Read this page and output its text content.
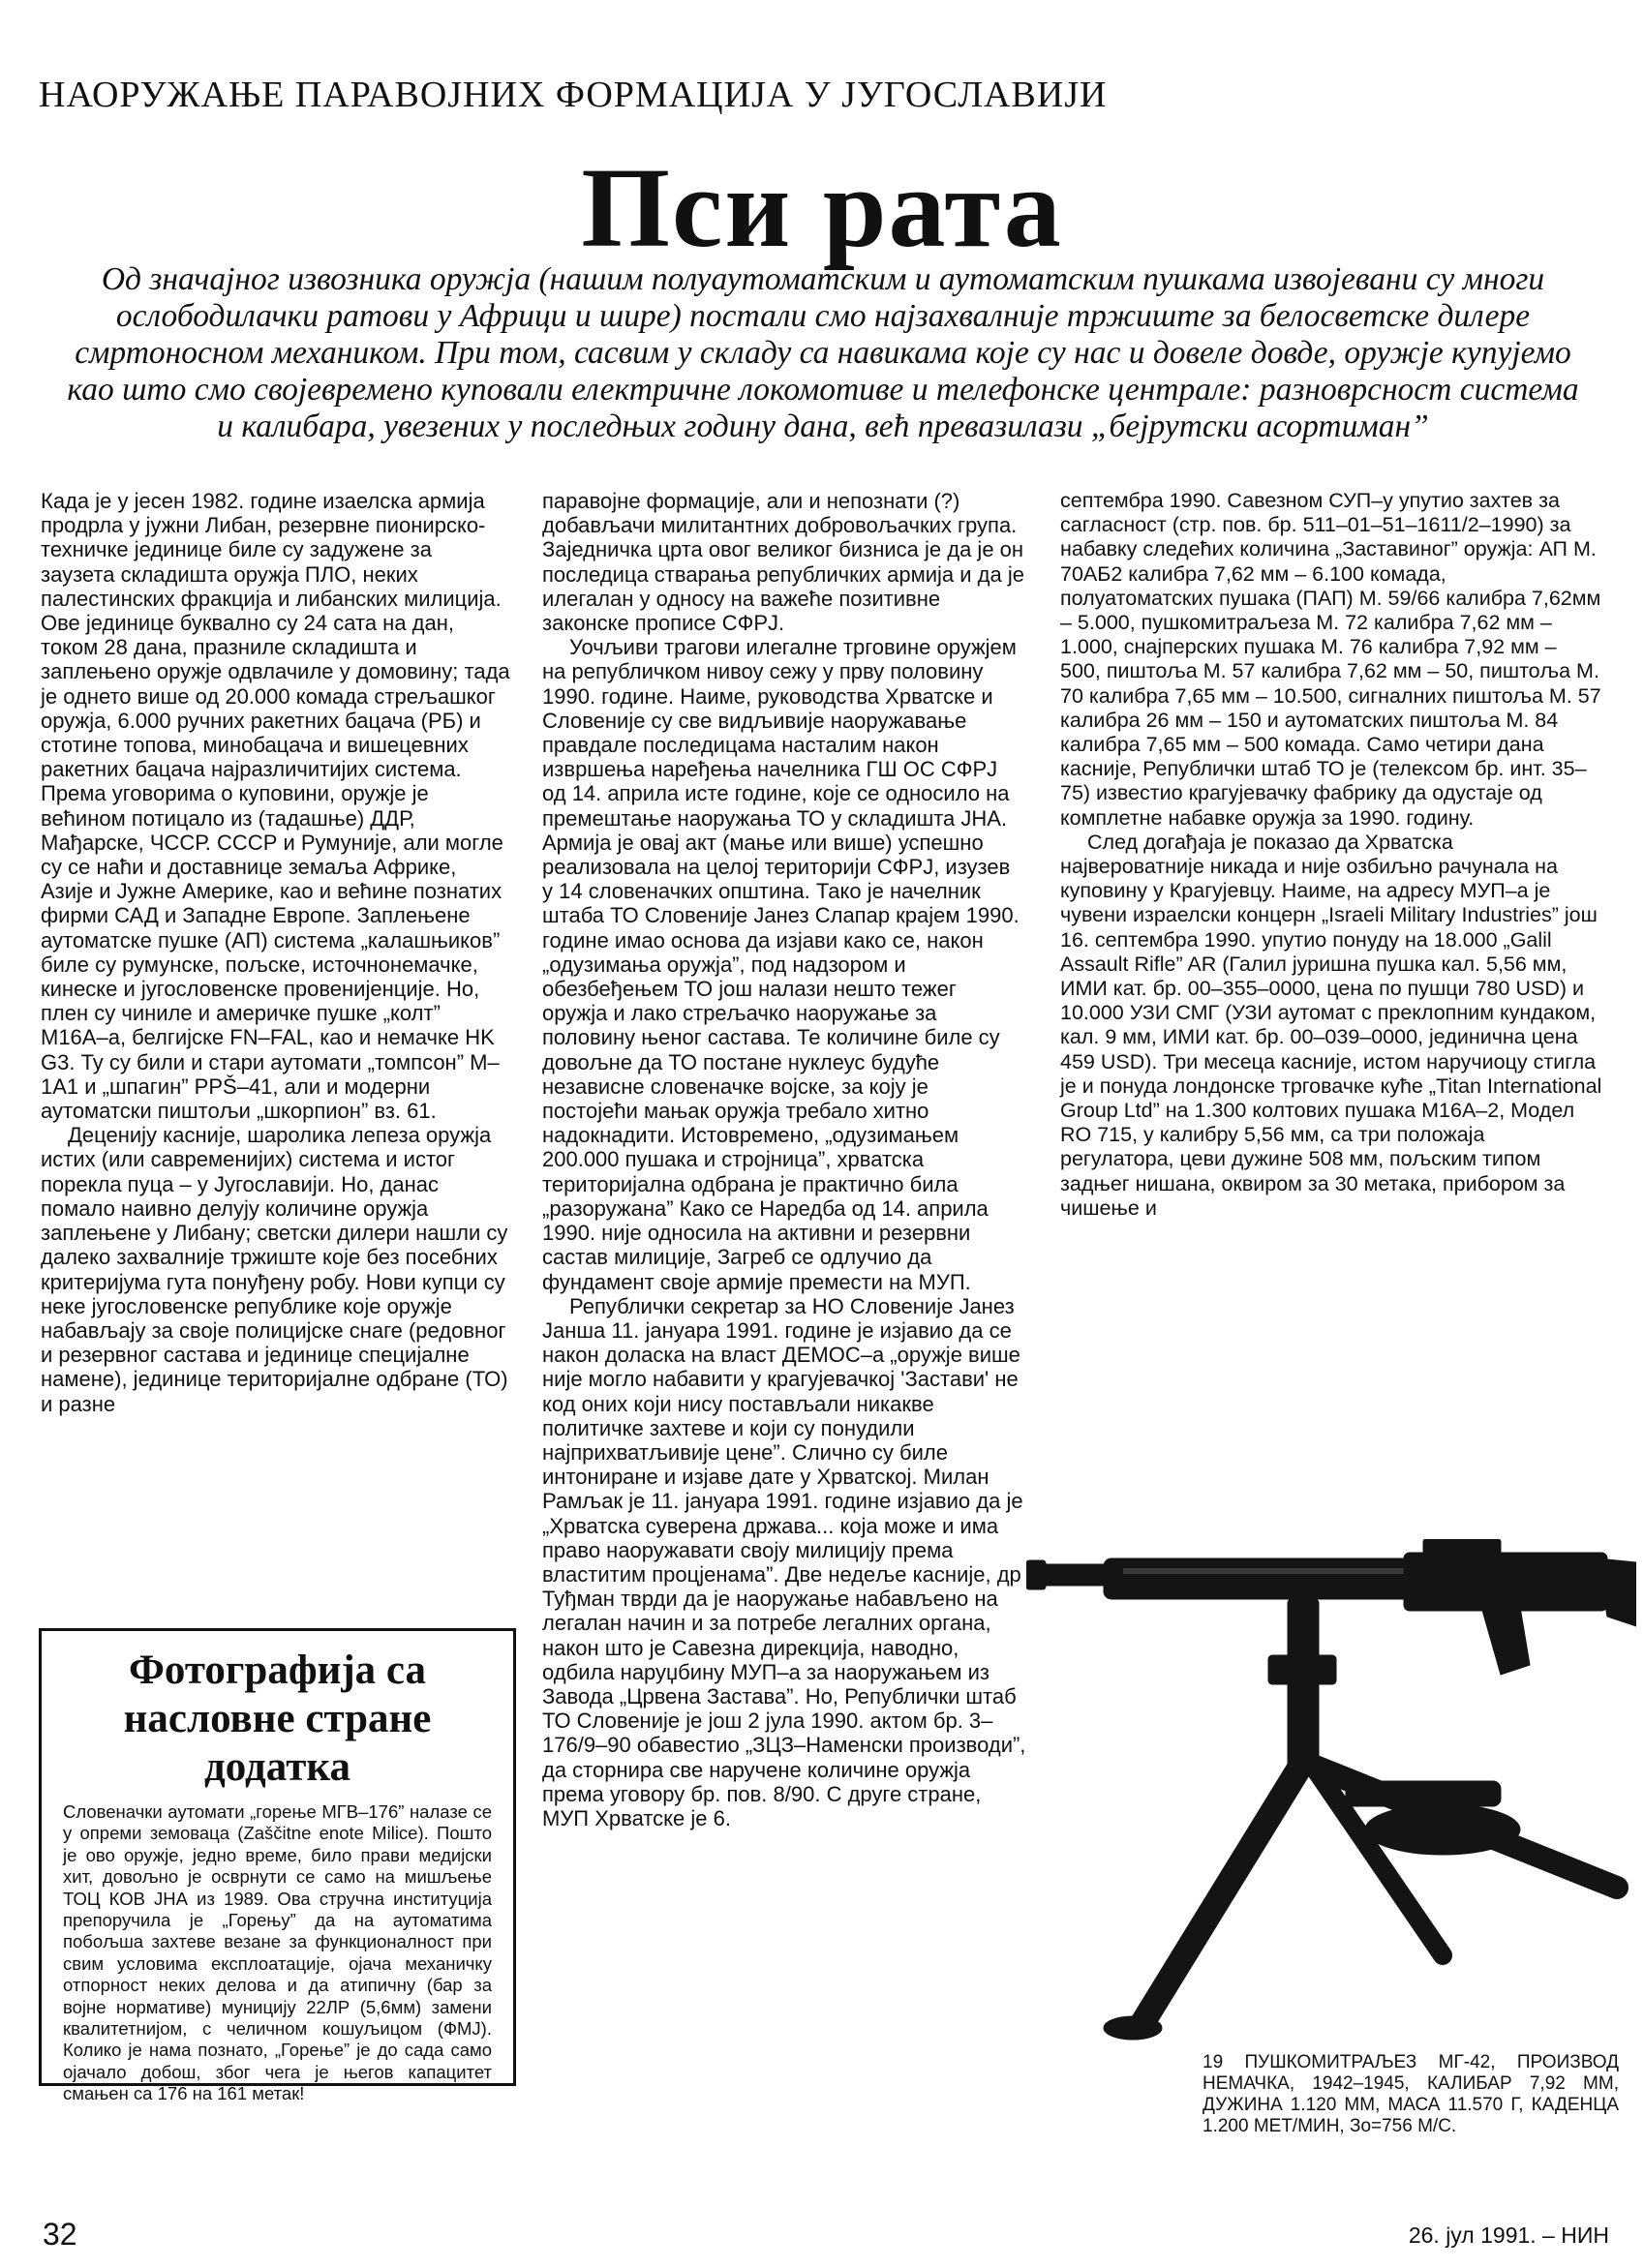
НАОРУЖАЊЕ ПАРАВОЈНИХ ФОРМАЦИЈА У ЈУГОСЛАВИЈИ
Пси рата
Од значајног извозника оружја (нашим полуаутоматским и аутоматским пушкама извојевани су многи ослободилачки ратови у Африци и шире) постали смо најзахвалније тржиште за белосветске дилере смртоносном механиком. При том, сасвим у складу са навикама које су нас и довеле довде, оружје купујемо као што смо својевремено куповали електричне локомотиве и телефонске централе: разноврсност система и калибара, увезених у последњих годину дана, већ превазилази „бејрутски асортиман”

Када је у јесен 1982. године изаелска армија продрла у јужни Либан, резервне пионирско-техничке јединице биле су задужене за заузета складишта оружја ПЛО, неких палестинских фракција и либанских милиција. Ове јединице буквално су 24 сата на дан, током 28 дана, празниле складишта и заплењено оружје одвлачиле у домовину; тада је однето више од 20.000 комада стрељашког оружја, 6.000 ручних ракетних бацача (РБ) и стотине топова, минобацача и вишецевних ракетних бацача најразличитијих система. Према уговорима о куповини, оружје је већином потицало из (тадашње) ДДР, Мађарске, ЧССР. СССР и Румуније, али могле су се наћи и доставнице земаља Африке, Азије и Јужне Америке, као и већине познатих фирми САД и Западне Европе. Заплењене аутоматске пушке (АП) система „калашњиков” биле су румунске, пољске, источнонемачке, кинеске и југословенске провенијенције. Но, плен су чиниле и америчке пушке „колт” М16А–а, белгијске FN–FAL, као и немачке HK G3. Ту су били и стари аутомати „томпсон” М–1А1 и „шпагин” PPŠ–41, али и модерни аутоматски пиштољи „шкорпион” вз. 61.

Деценију касније, шаролика лепеза оружја истих (или савременијих) система и истог порекла пуца – у Југославији. Но, данас помало наивно делују количине оружја заплењене у Либану; светски дилери нашли су далеко захвалније тржиште које без посебних критеријума гута понуђену робу. Нови купци су неке југословенске републике које оружје набављају за своје полицијске снаге (редовног и резервног састава и јединице специјалне намене), јединице територијалне одбране (ТО) и разне

паравојне формације, али и непознати (?) добављачи милитантних добровољачких група. Заједничка црта овог великог бизниса је да је он последица стварања републичких армија и да је илегалан у односу на важеће позитивне законске прописе СФРЈ.

Уочљиви трагови илегалне трговине оружјем на републичком нивоу сежу у прву половину 1990. године. Наиме, руководства Хрватске и Словеније су све видљивије наоружавање правдале последицама насталим након извршења наређења начелника ГШ ОС СФРЈ од 14. априла исте године, које се односило на премештање наоружања ТО у складишта ЈНА. Армија је овај акт (мање или више) успешно реализовала на целој територији СФРЈ, изузев у 14 словеначких општина. Тако је начелник штаба ТО Словеније Јанез Слапар крајем 1990. године имао основа да изјави како се, након „одузимања оружја”, под надзором и обезбеђењем ТО још налази нешто тежег оружја и лако стрељачко наоружање за половину њеног састава. Те количине биле су довољне да ТО постане нуклеус будуће независне словеначке војске, за коју је постојећи мањак оружја требало хитно надокнадити. Истовремено, „одузимањем 200.000 пушака и стројница”, хрватска територијална одбрана је практично била „разоружана” Како се Наредба од 14. априла 1990. није односила на активни и резервни састав милиције, Загреб се одлучио да фундамент своје армије премести на МУП.

Републички секретар за НО Словеније Јанез Јанша 11. јануара 1991. године је изјавио да се након доласка на власт ДЕМОС–а „оружје више није могло набавити у крагујевачкој 'Застави' не код оних који нису постављали никакве политичке захтеве и који су понудили најприхватљивије цене”. Слично су биле интониране и изјаве дате у Хрватској. Милан Рамљак је 11. јануара 1991. године изјавио да је „Хрватска суверена држава... која може и има право наоружавати своју милицију према властитим процјенама”. Две недеље касније, др Туђман тврди да је наоружање набављено на легалан начин и за потребе легалних органа, након што је Савезна дирекција, наводно, одбила наруџбину МУП–а за наоружањем из Завода „Црвена Застава”. Но, Републички штаб ТО Словеније је још 2 јула 1990. актом бр. 3–176/9–90 обавестио „ЗЦЗ–Наменски производи”, да сторнира све наручене количине оружја према уговору бр. пов. 8/90. С друге стране, МУП Хрватске је 6.

септембра 1990. Савезном СУП–у упутио захтев за сагласност (стр. пов. бр. 511–01–51–1611/2–1990) за набавку следећих количина „Заставиног” оружја: АП М. 70АБ2 калибра 7,62 мм – 6.100 комада, полуатоматских пушака (ПАП) М. 59/66 калибра 7,62мм – 5.000, пушкомитраљеза М. 72 калибра 7,62 мм – 1.000, снајперских пушака М. 76 калибра 7,92 мм – 500, пиштоља М. 57 калибра 7,62 мм – 50, пиштоља М. 70 калибра 7,65 мм – 10.500, сигналних пиштоља М. 57 калибра 26 мм – 150 и аутоматских пиштоља М. 84 калибра 7,65 мм – 500 комада. Само четири дана касније, Републички штаб ТО је (телексом бр. инт. 35–75) известио крагујевачку фабрику да одустаје од комплетне набавке оружја за 1990. годину.

След догађаја је показао да Хрватска највероватније никада и није озбиљно рачунала на куповину у Крагујевцу. Наиме, на адресу МУП–а је чувени израелски концерн „Israeli Military Industries” још 16. септембра 1990. упутио понуду на 18.000 „Galil Assault Rifle” AR (Галил јуришна пушка кал. 5,56 мм, ИМИ кат. бр. 00–355–0000, цена по пушци 780 USD) и 10.000 УЗИ СМГ (УЗИ аутомат с преклопним кундаком, кал. 9 мм, ИМИ кат. бр. 00–039–0000, јединична цена 459 USD). Три месеца касније, истом наручиоцу стигла је и понуда лондонске трговачке куће „Titan International Group Ltd” на 1.300 колтових пушака М16А–2, Модел RO 715, у калибру 5,56 мм, са три положаја регулатора, цеви дужине 508 мм, пољским типом задњег нишана, оквиром за 30 метака, прибором за чишење и

Фотографија са насловне стране додатка

Словеначки аутомати „горење МГВ–176” налазе се у опреми земоваца (Zaščitne enote Milice). Пошто је ово оружје, једно време, било прави медијски хит, довољно је осврнути се само на мишљење ТОЦ КОВ ЈНА из 1989. Ова стручна институција препоручила је „Горењу” да на аутоматима побољша захтеве везане за функционалност при свим условима експлоатације, ојача механичку отпорност неких делова и да атипичну (бар за војне нормативе) муницију 22ЛР (5,6мм) замени квалитетнијом, с челичном кошуљицом (ФМЈ). Колико је нама познато, „Горење” је до сада само ојачало добош, због чега је његов капацитет смањен са 176 на 161 метак!

19 ПУШКОМИТРАЉЕЗ МГ-42, ПРОИЗВОД НЕМАЧКА, 1942–1945, КАЛИБАР 7,92 ММ, ДУЖИНА 1.120 ММ, МАСА 11.570 Г, КАДЕНЦА 1.200 МЕТ/МИН, Зо=756 М/С.
32	26. јул 1991. – НИН
